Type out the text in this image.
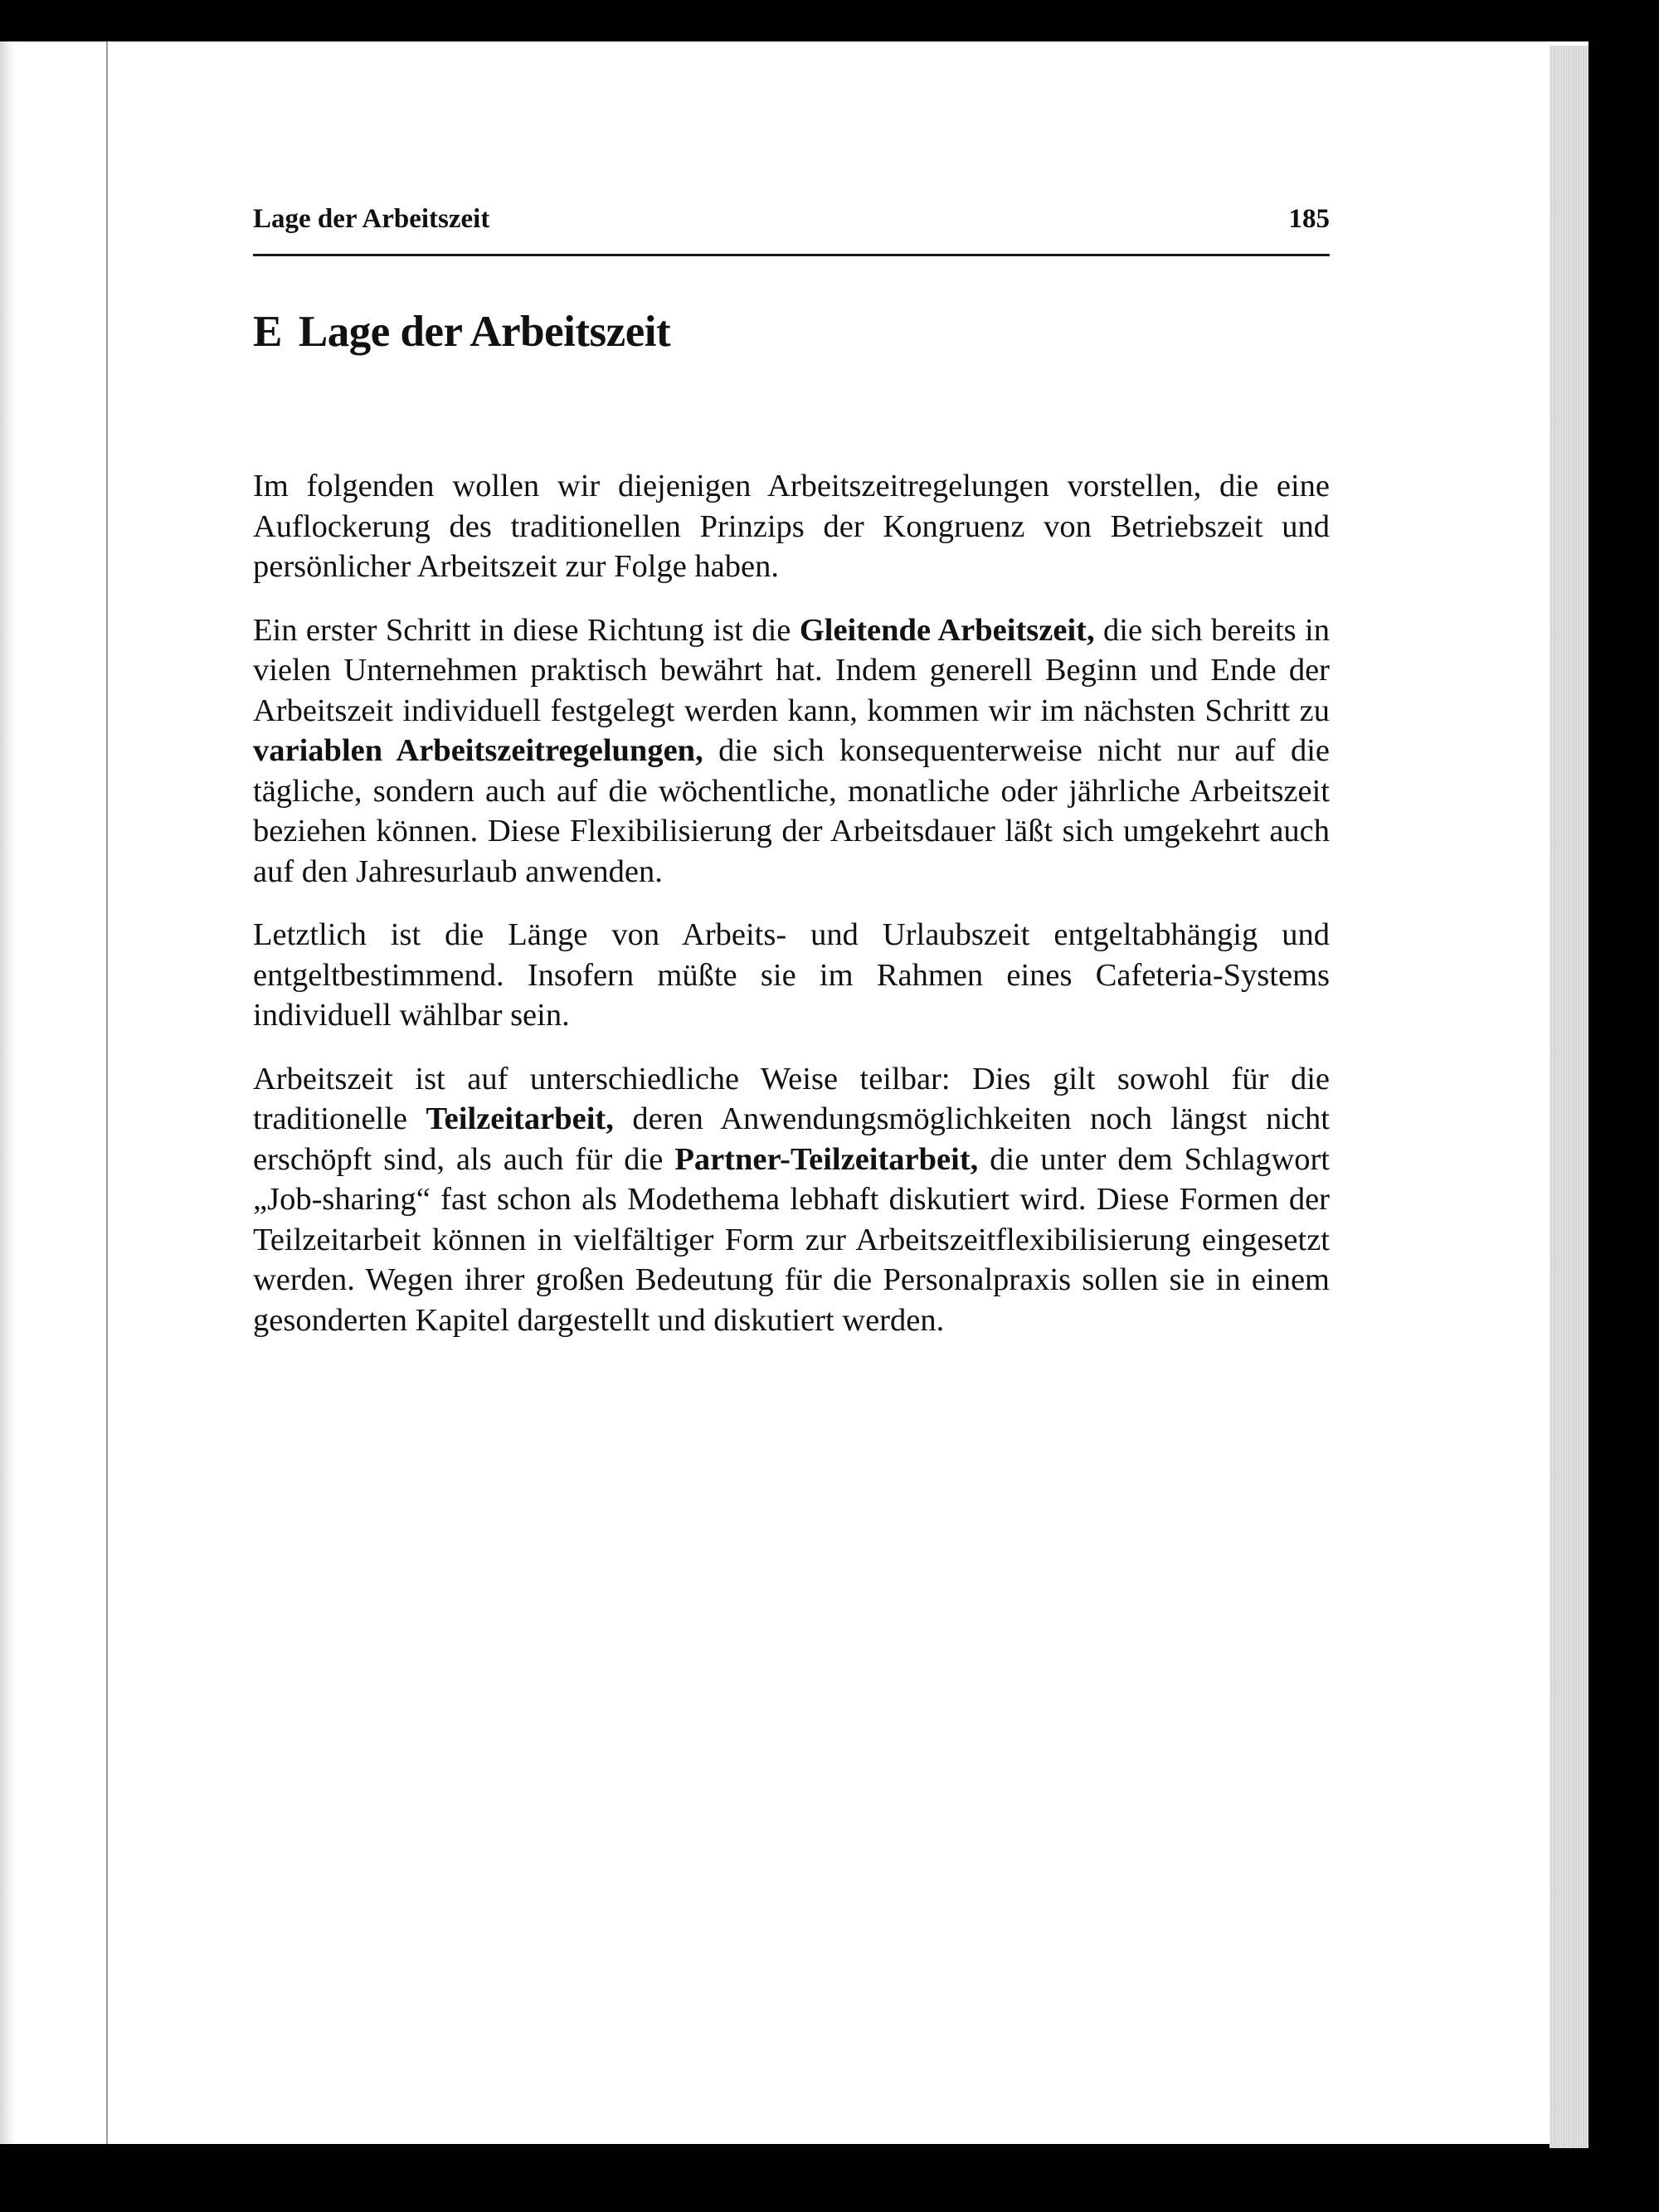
Lage der Arbeitszeit	185
E Lage der Arbeitszeit

Im folgenden wollen wir diejenigen Arbeitszeitregelungen vorstellen, die eine Auflockerung des traditionellen Prinzips der Kongruenz von Betriebszeit und persönlicher Arbeitszeit zur Folge haben.

Ein erster Schritt in diese Richtung ist die Gleitende Arbeitszeit, die sich bereits in vielen Unternehmen praktisch bewährt hat. Indem generell Beginn und Ende der Arbeitszeit individuell festgelegt werden kann, kommen wir im nächsten Schritt zu variablen Arbeitszeitregelungen, die sich konsequenterweise nicht nur auf die tägliche, sondern auch auf die wöchentliche, monatliche oder jährliche Arbeitszeit beziehen können. Diese Flexibilisierung der Arbeitsdauer läßt sich umgekehrt auch auf den Jahresurlaub anwenden.

Letztlich ist die Länge von Arbeits- und Urlaubszeit entgeltabhängig und entgeltbestimmend. Insofern müßte sie im Rahmen eines Cafeteria-Systems individuell wählbar sein.

Arbeitszeit ist auf unterschiedliche Weise teilbar: Dies gilt sowohl für die traditionelle Teilzeitarbeit, deren Anwendungsmöglichkeiten noch längst nicht erschöpft sind, als auch für die Partner-Teilzeitarbeit, die unter dem Schlagwort „Job-sharing“ fast schon als Modethema lebhaft diskutiert wird. Diese Formen der Teilzeitarbeit können in vielfältiger Form zur Arbeitszeitflexibilisierung eingesetzt werden. Wegen ihrer großen Bedeutung für die Personalpraxis sollen sie in einem gesonderten Kapitel dargestellt und diskutiert werden.
